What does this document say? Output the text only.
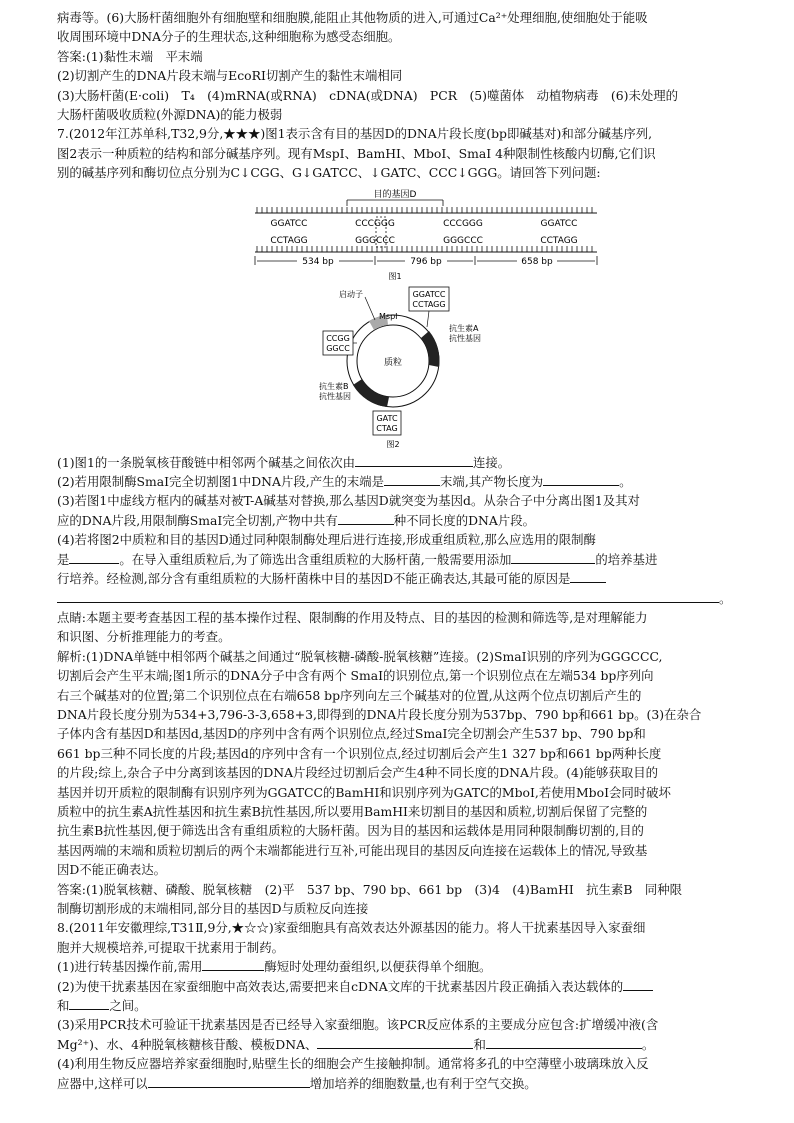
病毒等。(6)大肠杆菌细胞外有细胞壁和细胞膜,能阻止其他物质的进入,可通过Ca²⁺处理细胞,使细胞处于能吸

收周围环境中DNA分子的生理状态,这种细胞称为感受态细胞。

答案:(1)黏性末端　平末端

(2)切割产生的DNA片段末端与EcoRⅠ切割产生的黏性末端相同

(3)大肠杆菌(E·coli)　T₄　(4)mRNA(或RNA)　cDNA(或DNA)　PCR　(5)噬菌体　动植物病毒　(6)未处理的

大肠杆菌吸收质粒(外源DNA)的能力极弱

7.(2012年江苏单科,T32,9分,★★★)图1表示含有目的基因D的DNA片段长度(bp即碱基对)和部分碱基序列,

图2表示一种质粒的结构和部分碱基序列。现有MspⅠ、BamHⅠ、MboⅠ、SmaⅠ 4种限制性核酸内切酶,它们识

别的碱基序列和酶切位点分别为C↓CGG、G↓GATCC、↓GATC、CCC↓GGG。请回答下列问题:

目的基因D
GGATCC	CCCGGG	CCCGGG	GGATCC
CCTAGG	GGGCCC	GGGCCC	CCTAGG
534 bp	796 bp	658 bp
图1
质粒
启动子
MspⅠ
CCGG
GGCC
GGATCC
CCTAGG
抗生素A
抗性基因
抗生素B
抗性基因
GATC
CTAG
图2

(1)图1的一条脱氧核苷酸链中相邻两个碱基之间依次由	连接。

(2)若用限制酶SmaⅠ完全切割图1中DNA片段,产生的末端是	末端,其产物长度为	。

(3)若图1中虚线方框内的碱基对被T-A碱基对替换,那么基因D就突变为基因d。从杂合子中分离出图1及其对

应的DNA片段,用限制酶SmaⅠ完全切割,产物中共有	种不同长度的DNA片段。

(4)若将图2中质粒和目的基因D通过同种限制酶处理后进行连接,形成重组质粒,那么应选用的限制酶

是	。在导入重组质粒后,为了筛选出含重组质粒的大肠杆菌,一般需要用添加	的培养基进

行培养。经检测,部分含有重组质粒的大肠杆菌株中目的基因D不能正确表达,其最可能的原因是

。

点睛:本题主要考查基因工程的基本操作过程、限制酶的作用及特点、目的基因的检测和筛选等,是对理解能力

和识图、分析推理能力的考查。

解析:(1)DNA单链中相邻两个碱基之间通过“脱氧核糖-磷酸-脱氧核糖”连接。(2)SmaⅠ识别的序列为GGGCCC,

切割后会产生平末端;图1所示的DNA分子中含有两个 SmaⅠ的识别位点,第一个识别位点在左端534 bp序列向

右三个碱基对的位置;第二个识别位点在右端658 bp序列向左三个碱基对的位置,从这两个位点切割后产生的

DNA片段长度分别为534+3,796-3-3,658+3,即得到的DNA片段长度分别为537bp、790 bp和661 bp。(3)在杂合

子体内含有基因D和基因d,基因D的序列中含有两个识别位点,经过SmaⅠ完全切割会产生537 bp、790 bp和

661 bp三种不同长度的片段;基因d的序列中含有一个识别位点,经过切割后会产生1 327 bp和661 bp两种长度

的片段;综上,杂合子中分离到该基因的DNA片段经过切割后会产生4种不同长度的DNA片段。(4)能够获取目的

基因并切开质粒的限制酶有识别序列为GGATCC的BamHⅠ和识别序列为GATC的MboⅠ,若使用MboⅠ会同时破坏

质粒中的抗生素A抗性基因和抗生素B抗性基因,所以要用BamHⅠ来切割目的基因和质粒,切割后保留了完整的

抗生素B抗性基因,便于筛选出含有重组质粒的大肠杆菌。因为目的基因和运载体是用同种限制酶切割的,目的

基因两端的末端和质粒切割后的两个末端都能进行互补,可能出现目的基因反向连接在运载体上的情况,导致基

因D不能正确表达。

答案:(1)脱氧核糖、磷酸、脱氧核糖　(2)平　537 bp、790 bp、661 bp　(3)4　(4)BamHⅠ　抗生素B　同种限

制酶切割形成的末端相同,部分目的基因D与质粒反向连接

8.(2011年安徽理综,T31Ⅱ,9分,★☆☆)家蚕细胞具有高效表达外源基因的能力。将人干扰素基因导入家蚕细

胞并大规模培养,可提取干扰素用于制药。

(1)进行转基因操作前,需用	酶短时处理幼蚕组织,以便获得单个细胞。

(2)为使干扰素基因在家蚕细胞中高效表达,需要把来自cDNA文库的干扰素基因片段正确插入表达载体的

和	之间。

(3)采用PCR技术可验证干扰素基因是否已经导入家蚕细胞。该PCR反应体系的主要成分应包含:扩增缓冲液(含

Mg²⁺)、水、4种脱氧核糖核苷酸、模板DNA、	和	。

(4)利用生物反应器培养家蚕细胞时,贴壁生长的细胞会产生接触抑制。通常将多孔的中空薄壁小玻璃珠放入反

应器中,这样可以	增加培养的细胞数量,也有利于空气交换。
